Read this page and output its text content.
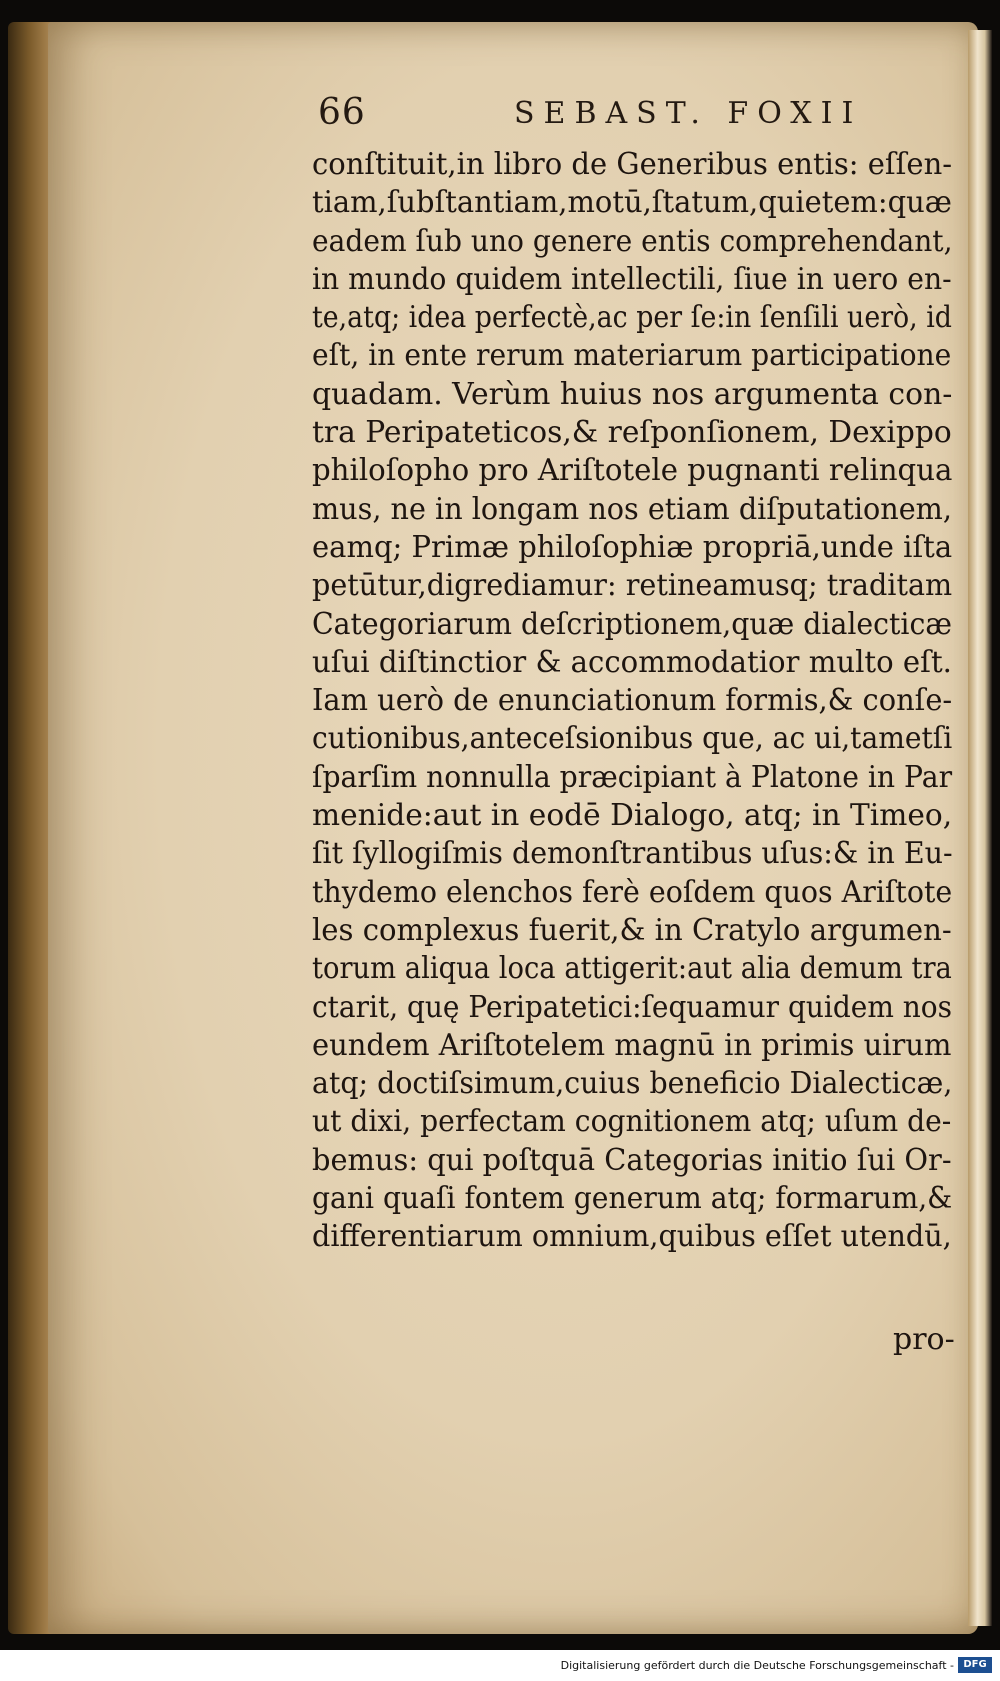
66	SEBAST. FOXII
conſtituit,in libro de Generibus entis: eſſen-
tiam,ſubſtantiam,motū,ſtatum,quietem:quæ
eadem ſub uno genere entis comprehendant,
in mundo quidem intellectili, ſiue in uero en-
te,atq; idea perfectè,ac per ſe:in ſenſili uerò, id
eſt, in ente rerum materiarum participatione
quadam. Verùm huius nos argumenta con-
tra Peripateticos,& reſponſionem, Dexippo
philoſopho pro Ariſtotele pugnanti relinqua
mus, ne in longam nos etiam diſputationem,
eamq; Primæ philoſophiæ propriā,unde iſta
petūtur,digrediamur: retineamusq; traditam
Categoriarum deſcriptionem,quæ dialecticæ
uſui diſtinctior & accommodatior multo eſt.
Iam uerò de enunciationum formis,& conſe-
cutionibus,anteceſsionibus que, ac ui,tametſi
ſparſim nonnulla præcipiant à Platone in Par
menide:aut in eodē Dialogo, atq; in Timeo,
ſit ſyllogiſmis demonſtrantibus uſus:& in Eu-
thydemo elenchos ferè eoſdem quos Ariſtote
les complexus fuerit,& in Cratylo argumen-
torum aliqua loca attigerit:aut alia demum tra
ctarit, quę Peripatetici:ſequamur quidem nos
eundem Ariſtotelem magnū in primis uirum
atq; doctiſsimum,cuius beneficio Dialecticæ,
ut dixi, perfectam cognitionem atq; uſum de-
bemus: qui poſtquā Categorias initio ſui Or-
gani quaſi fontem generum atq; formarum,&
differentiarum omnium,quibus eſſet utendū,
pro-
Digitalisierung gefördert durch die Deutsche Forschungsgemeinschaft - DFG
